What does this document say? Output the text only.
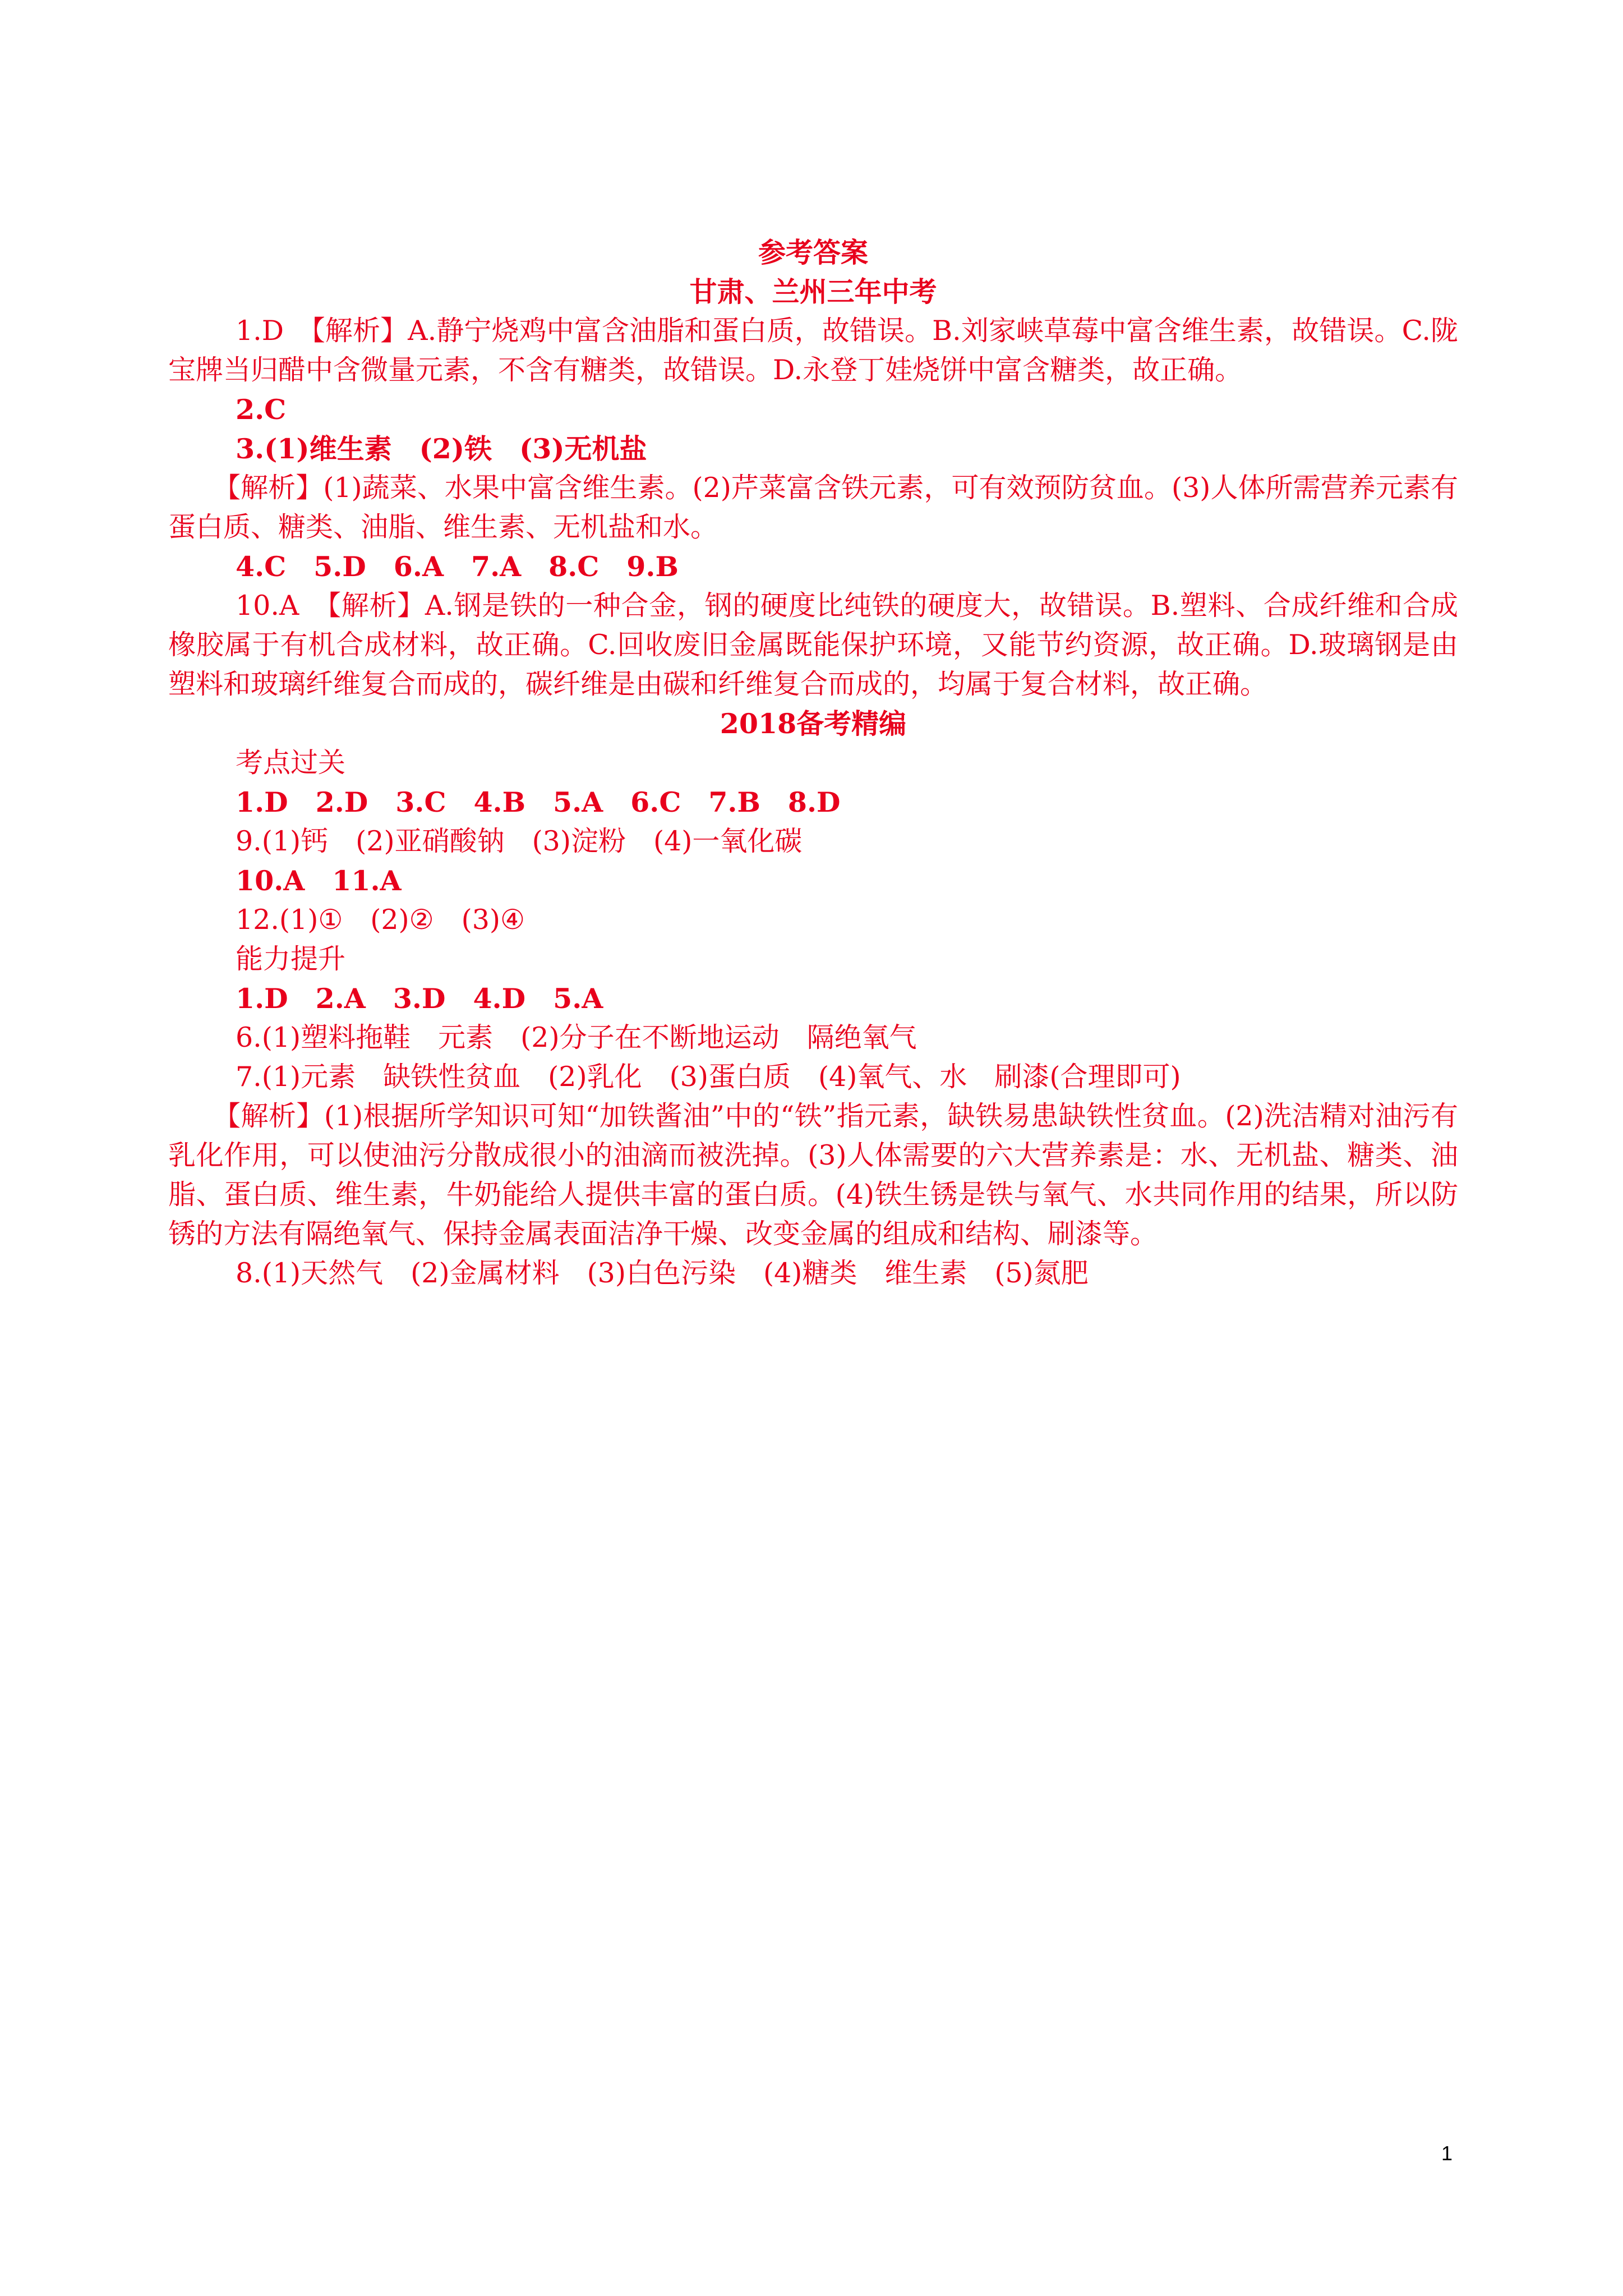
参考答案
甘肃、兰州三年中考
1.D　【解析】A.静宁烧鸡中富含油脂和蛋白质，故错误。B.刘家峡草莓中富含维生素，故错误。C.陇宝牌当归醋中含微量元素，不含有糖类，故错误。D.永登丁娃烧饼中富含糖类，故正确。
2.C
3.(1)维生素　(2)铁　(3)无机盐
【解析】(1)蔬菜、水果中富含维生素。(2)芹菜富含铁元素，可有效预防贫血。(3)人体所需营养元素有蛋白质、糖类、油脂、维生素、无机盐和水。
4.C　5.D　6.A　7.A　8.C　9.B
10.A　【解析】A.钢是铁的一种合金，钢的硬度比纯铁的硬度大，故错误。B.塑料、合成纤维和合成橡胶属于有机合成材料，故正确。C.回收废旧金属既能保护环境，又能节约资源，故正确。D.玻璃钢是由塑料和玻璃纤维复合而成的，碳纤维是由碳和纤维复合而成的，均属于复合材料，故正确。
2018备考精编
考点过关
1.D　2.D　3.C　4.B　5.A　6.C　7.B　8.D
9.(1)钙　(2)亚硝酸钠　(3)淀粉　(4)一氧化碳
10.A　11.A
12.(1)①　(2)②　(3)④
能力提升
1.D　2.A　3.D　4.D　5.A
6.(1)塑料拖鞋　元素　(2)分子在不断地运动　隔绝氧气
7.(1)元素　缺铁性贫血　(2)乳化　(3)蛋白质　(4)氧气、水　刷漆(合理即可)
【解析】(1)根据所学知识可知“加铁酱油”中的“铁”指元素，缺铁易患缺铁性贫血。(2)洗洁精对油污有乳化作用，可以使油污分散成很小的油滴而被洗掉。(3)人体需要的六大营养素是：水、无机盐、糖类、油脂、蛋白质、维生素，牛奶能给人提供丰富的蛋白质。(4)铁生锈是铁与氧气、水共同作用的结果，所以防锈的方法有隔绝氧气、保持金属表面洁净干燥、改变金属的组成和结构、刷漆等。
8.(1)天然气　(2)金属材料　(3)白色污染　(4)糖类　维生素　(5)氮肥
1
